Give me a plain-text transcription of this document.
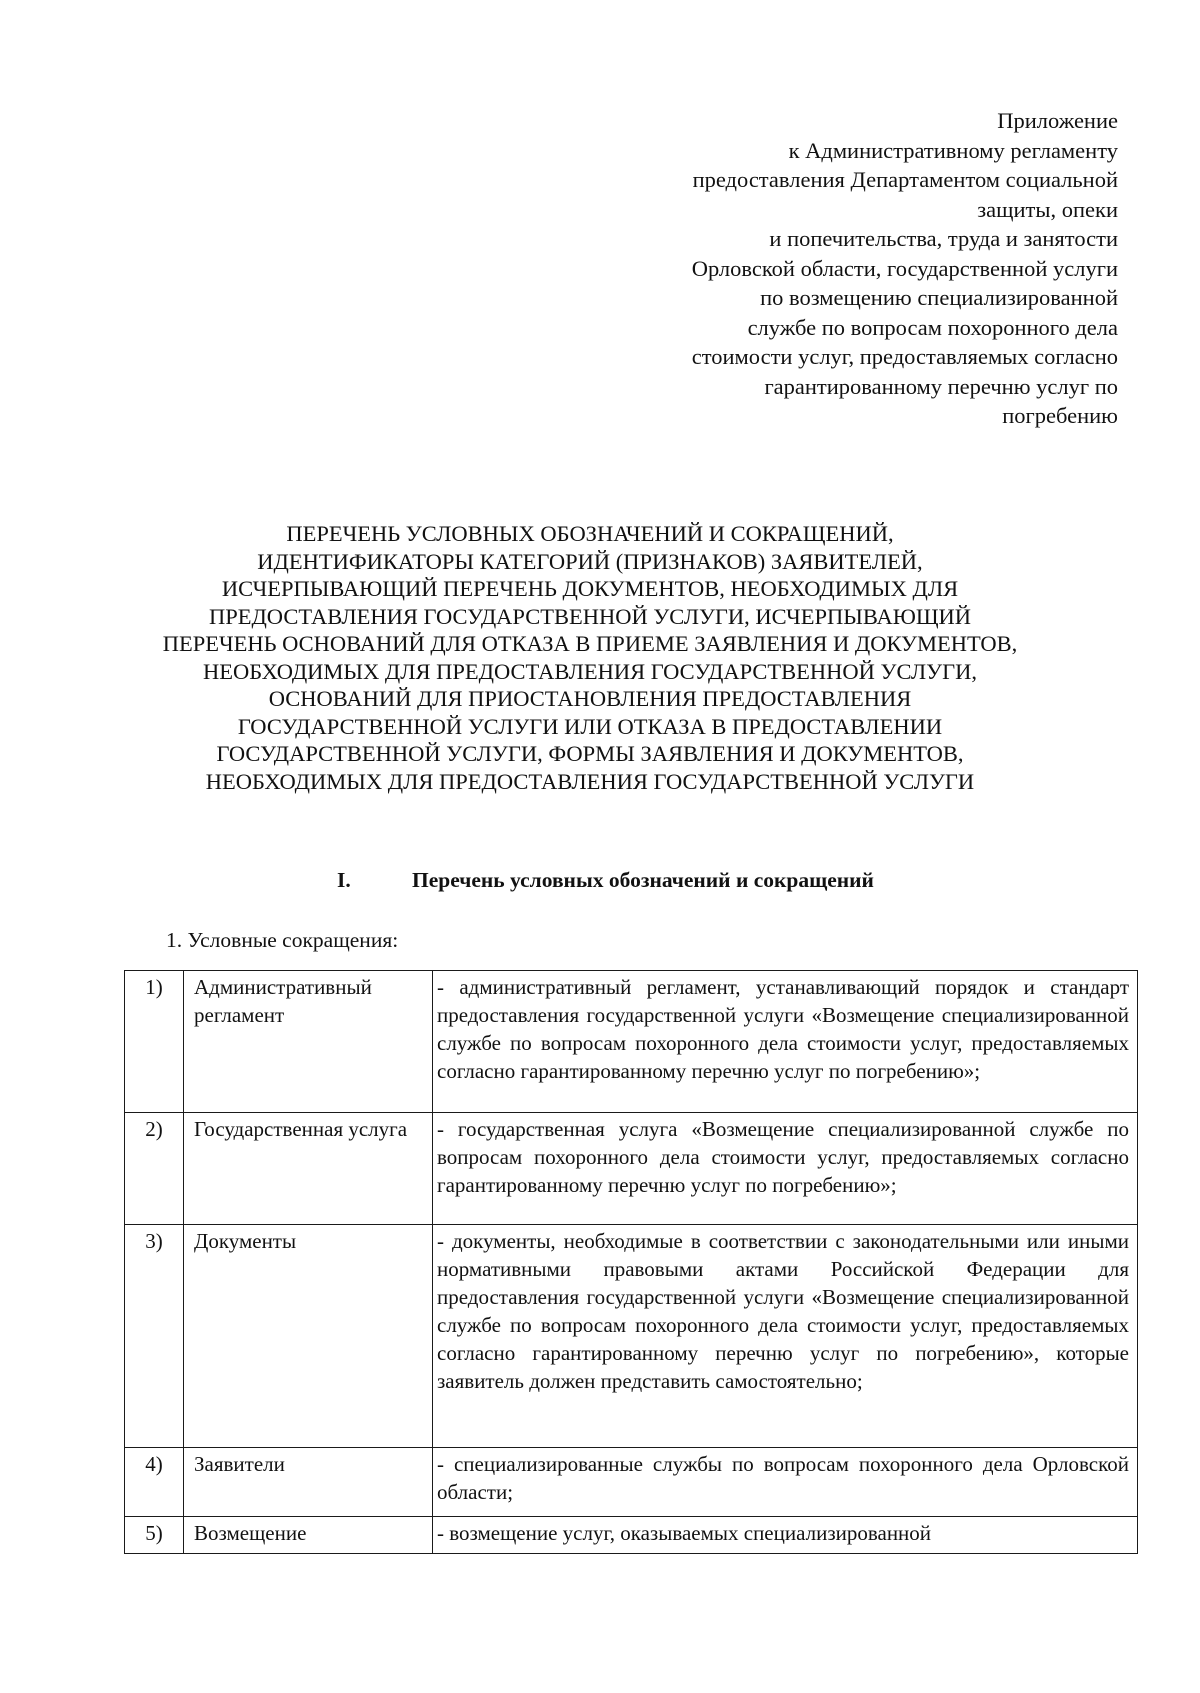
Приложение
к Административному регламенту
предоставления Департаментом социальной
защиты, опеки
и попечительства, труда и занятости
Орловской области, государственной услуги
по возмещению специализированной
службе по вопросам похоронного дела
стоимости услуг, предоставляемых согласно
гарантированному перечню услуг по
погребению
ПЕРЕЧЕНЬ УСЛОВНЫХ ОБОЗНАЧЕНИЙ И СОКРАЩЕНИЙ,
ИДЕНТИФИКАТОРЫ КАТЕГОРИЙ (ПРИЗНАКОВ) ЗАЯВИТЕЛЕЙ,
ИСЧЕРПЫВАЮЩИЙ ПЕРЕЧЕНЬ ДОКУМЕНТОВ, НЕОБХОДИМЫХ ДЛЯ
ПРЕДОСТАВЛЕНИЯ ГОСУДАРСТВЕННОЙ УСЛУГИ, ИСЧЕРПЫВАЮЩИЙ
ПЕРЕЧЕНЬ ОСНОВАНИЙ ДЛЯ ОТКАЗА В ПРИЕМЕ ЗАЯВЛЕНИЯ И ДОКУМЕНТОВ,
НЕОБХОДИМЫХ ДЛЯ ПРЕДОСТАВЛЕНИЯ ГОСУДАРСТВЕННОЙ УСЛУГИ,
ОСНОВАНИЙ ДЛЯ ПРИОСТАНОВЛЕНИЯ ПРЕДОСТАВЛЕНИЯ
ГОСУДАРСТВЕННОЙ УСЛУГИ ИЛИ ОТКАЗА В ПРЕДОСТАВЛЕНИИ
ГОСУДАРСТВЕННОЙ УСЛУГИ, ФОРМЫ ЗАЯВЛЕНИЯ И ДОКУМЕНТОВ,
НЕОБХОДИМЫХ ДЛЯ ПРЕДОСТАВЛЕНИЯ ГОСУДАРСТВЕННОЙ УСЛУГИ
I.	Перечень условных обозначений и сокращений
1. Условные сокращения:
1)	Административный регламент	- административный регламент, устанавливающий порядок и стандарт предоставления государственной услуги «Возмещение специализированной службе по вопросам похоронного дела стоимости услуг, предоставляемых согласно гарантированному перечню услуг по погребению»;
2)	Государственная услуга	- государственная услуга «Возмещение специализированной службе по вопросам похоронного дела стоимости услуг, предоставляемых согласно гарантированному перечню услуг по погребению»;
3)	Документы	- документы, необходимые в соответствии с законодательными или иными нормативными правовыми актами Российской Федерации для предоставления государственной услуги «Возмещение специализированной службе по вопросам похоронного дела стоимости услуг, предоставляемых согласно гарантированному перечню услуг по погребению», которые заявитель должен представить самостоятельно;
4)	Заявители	- специализированные службы по вопросам похоронного дела Орловской области;
5)	Возмещение	- возмещение услуг, оказываемых специализированной
